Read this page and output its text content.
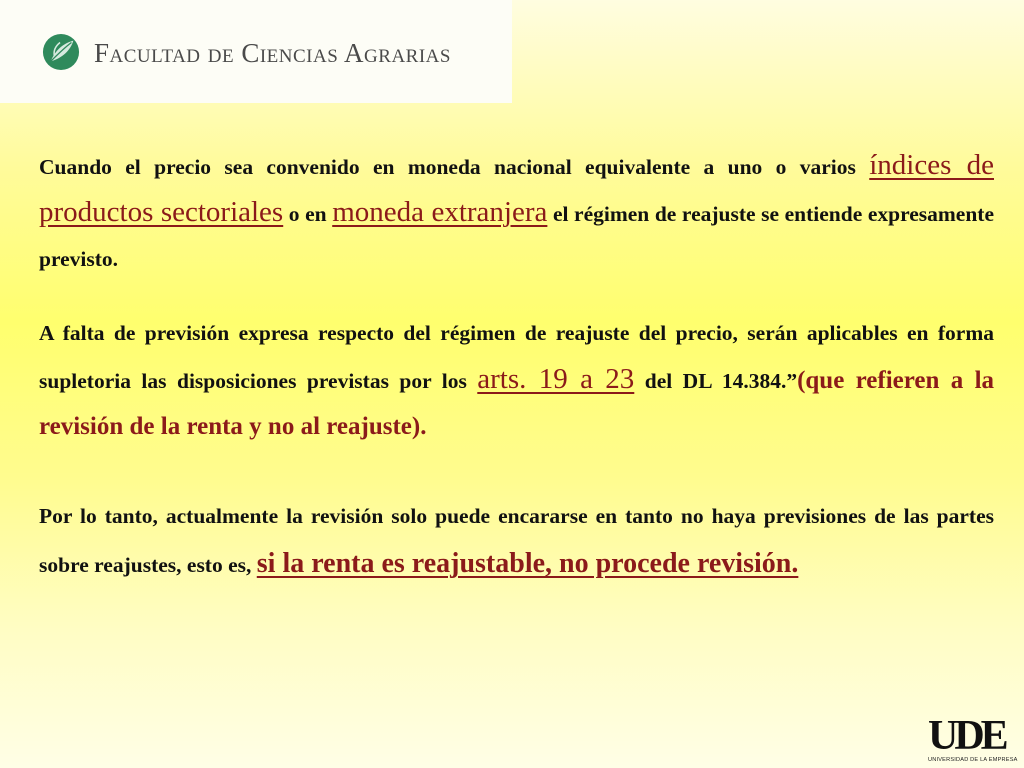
Facultad de Ciencias Agrarias
Cuando el precio sea convenido en moneda nacional equivalente a uno o varios índices de productos sectoriales o en moneda extranjera el régimen de reajuste se entiende expresamente previsto.
A falta de previsión expresa respecto del régimen de reajuste del precio, serán aplicables en forma supletoria las disposiciones previstas por los arts. 19 a 23 del DL 14.384.”(que refieren a la revisión de la renta y no al reajuste).
Por lo tanto, actualmente la revisión solo puede encararse en tanto no haya previsiones de las partes sobre reajustes, esto es, si la renta es reajustable, no procede revisión.
UDE
UNIVERSIDAD DE LA EMPRESA
